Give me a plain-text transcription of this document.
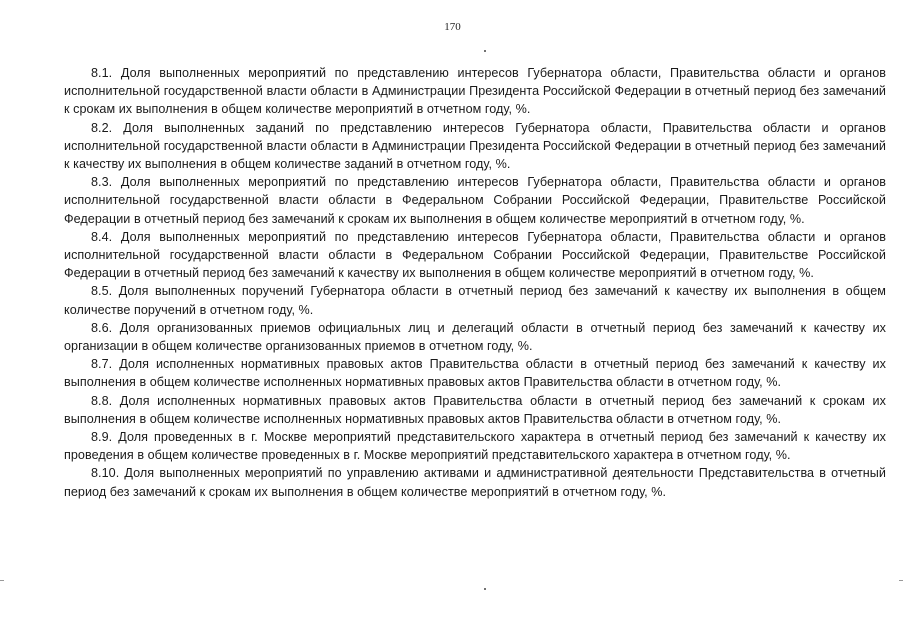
170

8.1. Доля выполненных мероприятий по представлению интересов Губернатора области, Правительства области и органов исполнительной государственной власти области в Администрации Президента Российской Федерации в отчетный период без замечаний к срокам их выполнения в общем количестве мероприятий в отчетном году, %.

8.2. Доля выполненных заданий по представлению интересов Губернатора области, Правительства области и органов исполнительной государственной власти области в Администрации Президента Российской Федерации в отчетный период без замечаний к качеству их выполнения в общем количестве заданий в отчетном году, %.

8.3. Доля выполненных мероприятий по представлению интересов Губернатора области, Правительства области и органов исполнительной государственной власти области в Федеральном Собрании Российской Федерации, Правительстве Российской Федерации в отчетный период без замечаний к срокам их выполнения в общем количестве мероприятий в отчетном году, %.

8.4. Доля выполненных мероприятий по представлению интересов Губернатора области, Правительства области и органов исполнительной государственной власти области в Федеральном Собрании Российской Федерации, Правительстве Российской Федерации в отчетный период без замечаний к качеству их выполнения в общем количестве мероприятий в отчетном году, %.

8.5. Доля выполненных поручений Губернатора области в отчетный период без замечаний к качеству их выполнения в общем количестве поручений в отчетном году, %.

8.6. Доля организованных приемов официальных лиц и делегаций области в отчетный период без замечаний к качеству их организации в общем количестве организованных приемов в отчетном году, %.

8.7. Доля исполненных нормативных правовых актов Правительства области в отчетный период без замечаний к качеству их выполнения в общем количестве исполненных нормативных правовых актов Правительства области в отчетном году, %.

8.8. Доля исполненных нормативных правовых актов Правительства области в отчетный период без замечаний к срокам их выполнения в общем количестве исполненных нормативных правовых актов Правительства области в отчетном году, %.

8.9. Доля проведенных в г. Москве мероприятий представительского характера в отчетный период без замечаний к качеству их проведения в общем количестве проведенных в г. Москве мероприятий представительского характера в отчетном году, %.

8.10. Доля выполненных мероприятий по управлению активами и административной деятельности Представительства в отчетный период без замечаний к срокам их выполнения в общем количестве мероприятий в отчетном году, %.
